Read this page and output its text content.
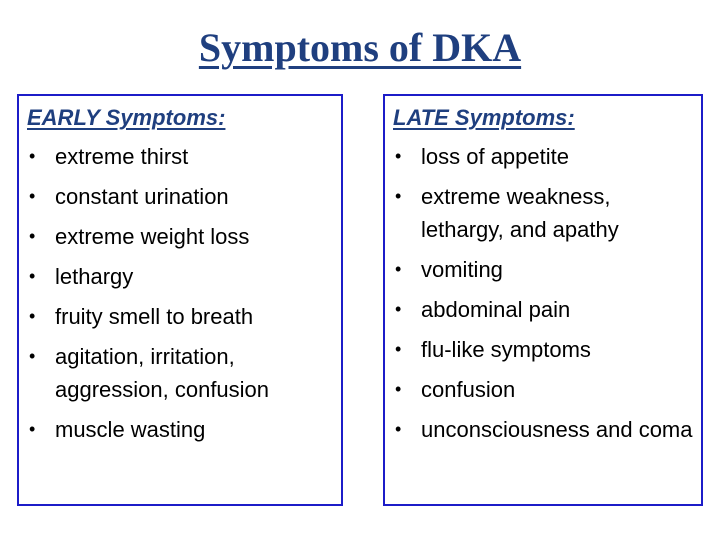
Symptoms of DKA
EARLY Symptoms:
• extreme thirst
• constant urination
• extreme weight loss
• lethargy
• fruity smell to breath
• agitation, irritation, aggression, confusion
• muscle wasting
LATE Symptoms:
• loss of appetite
• extreme weakness, lethargy, and apathy
• vomiting
• abdominal pain
• flu-like symptoms
• confusion
• unconsciousness and coma
